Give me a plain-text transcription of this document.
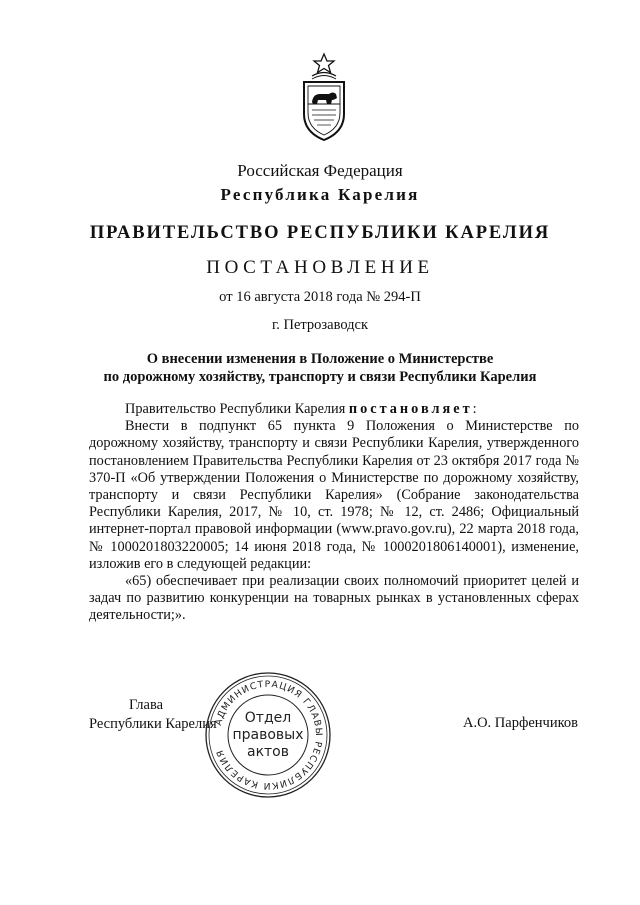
Российская Федерация
Республика Карелия
ПРАВИТЕЛЬСТВО РЕСПУБЛИКИ КАРЕЛИЯ
ПОСТАНОВЛЕНИЕ
от 16 августа 2018 года № 294-П
г. Петрозаводск
О внесении изменения в Положение о Министерстве
по дорожному хозяйству, транспорту и связи Республики Карелия

Правительство Республики Карелия постановляет:

Внести в подпункт 65 пункта 9 Положения о Министерстве по дорожному хозяйству, транспорту и связи Республики Карелия, утвержденного постановлением Правительства Республики Карелия от 23 октября 2017 года № 370-П «Об утверждении Положения о Министерстве по дорожному хозяйству, транспорту и связи Республики Карелия» (Собрание законодательства Республики Карелия, 2017, № 10, ст. 1978; № 12, ст. 2486; Официальный интернет-портал правовой информации (www.pravo.gov.ru), 22 марта 2018 года, № 1000201803220005; 14 июня 2018 года, № 1000201806140001), изменение, изложив его в следующей редакции:

«65) обеспечивает при реализации своих полномочий приоритет целей и задач по развитию конкуренции на товарных рынках в установленных сферах деятельности;».

Глава
Республики Карелия	А.О. Парфенчиков
АДМИНИСТРАЦИЯ ГЛАВЫ РЕСПУБЛИКИ КАРЕЛИЯ
Отдел
правовых
актов
